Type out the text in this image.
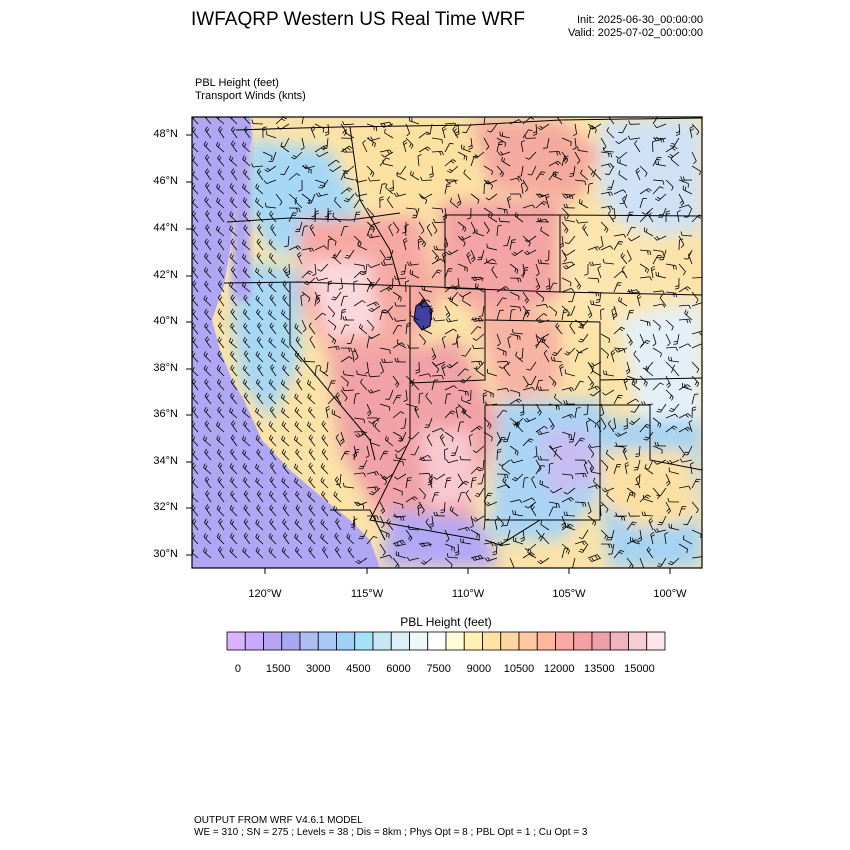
IWFAQRP Western US Real Time WRF	Init: 2025-06-30_00:00:00
Valid: 2025-07-02_00:00:00
PBL Height (feet)
Transport Winds (knts)
48°N
46°N
44°N
42°N
40°N
38°N
36°N
34°N
32°N
30°N
120°W	115°W	110°W	105°W	100°W
PBL Height (feet)
0	1500	3000	4500	6000	7500	9000	10500 12000 13500 15000
OUTPUT FROM WRF V4.6.1 MODEL
WE = 310 ; SN = 275 ; Levels = 38 ; Dis = 8km ; Phys Opt = 8 ; PBL Opt = 1 ; Cu Opt = 3
